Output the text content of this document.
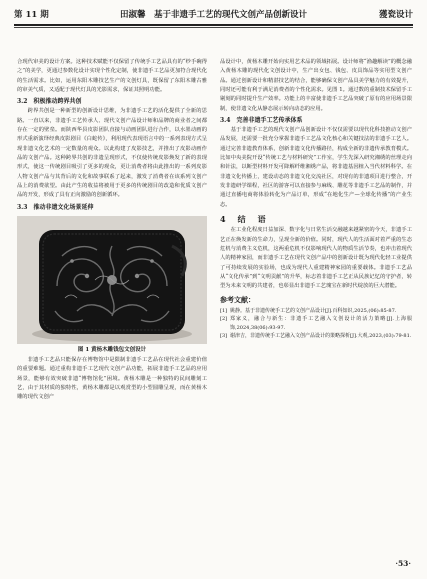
第 11 期	田淑馨　基于非遗手工艺的现代文创产品创新设计	獲瓷设计

合现代审美的设计方案。这种技术赋能不仅保留了传统手工艺品具有的“纱手碗得之”的美学，更通过参数化设计实现个性化定制，使非遗手工艺品更加符合现代化的生活需求。比如，运用东阳木雕技艺生产的文创灯具，既保留了东阳木雕古雅的审美气质，又适配于现代灯具的光影需求，保证其照明功能。

3.2　积极推动跨界共创

跨界共创是一种新型的创新设计思维，为非遗手工艺的活化提供了全新的思路。一直以来，非遗手工艺传承人、现代文创产品设计师和品牌的商业者之间都存在一定的壁垒。而陕西华县皮影团队直接与动画团队进行合作，以水墨动画的形式重新演绎经典皮影剧目《白蛇传》，利用现代表现语言中的一系列表现方式呈现非遗文化艺术的一定数量的观众。以此构建了皮影技艺，并推出了皮影动画作品的文创产品。这种跨界共创的非遗呈现形式，不仅使传统皮影焕发了新的表现形式，使这一传统剧目吸引了更多的观众，更让消费者将由此推出的一系列皮影人物文创产品与其背后的文化和故事联系了起来，激发了消费者在该系列文创产品上的消费欲望。由此产生的收益将被用于更多的传统剧目的改造和优质文创产品的开发，形成了具有正向激励的创新循环。

3.3　推动非遗文化场景延伸
图 1 黄杨木雕钱包文创设计

非遗手工艺品只能保存在博物馆中是限制非遗手工艺品在现代社会重建价值的重要难题。通过重构非遗手工艺现代文创产品功能，拓展非遗手工艺品的应用场景，能够有效突破非遗“博物馆化”困境。黄杨木雕是一种独特的民间雕刻工艺，由于其材质的独特性，黄杨木雕都是以观赏型的小型圆雕呈现，而在黄杨木雕的现代文创产

品设计中，黄杨木雕开始向实用艺术品的领域拓展。设计师将“渔趣解读”的概念融入黄杨木雕的现代化文创设计中，生产出女包、钱包、皮具饰品等实用型文创产品。通过创新设计和精湛技艺的结合，能够确保文创产品具美学魅力的有效提升，同时还可能有利于满足消费者的个性化需求。见图 1。通过数的重制技术保留手工剔刻的同时提升生产效率。功能上的丰富使非遗手工艺品突破了原有的应用场景限制，使非遗文化从静态展示转向动态的应用。

3.4　完善非遗手工艺传承体系

基于非遗手工艺的现代文创产品创新设计不仅仅需要以现代化科技推动文创产品发展，还需要一批充分掌握非遗手工艺品文化核心和关键技法的非遗手工艺人。通过完善非遗教育体系，创新非遗文化传播路径，构成全新的非遗传承教育模式。比如中央美院开设“传统工艺与材料研究”工作室，学生先深入研究湘绣的丝理走向和针法，以断型材料开发可降解纤维湘绣产品，将非遗基因植入当代材料科学。在非遗文化传播上，建设动态的非遗文化交流社区，对现有的非遗项目进行整合，开发非遗研学课程，社区的游客可以直接参与麻线、雕花等非遗手工艺品的制作，并通过直播电商将体验转化为产品订单，形成“在地化生产—全球化传播”的产业生态。

4　结　语

在工业化程度日益加深、数字化与日常生活交融越来越紧密的今天，非遗手工艺正在焕发新的生命力，呈现全新的价值。同时，现代人的生活面对着严重的生态危机与消费主义危机，这两重危机不仅影响现代人的物质生活节奏，也冲击着现代人的精神家园，而非遗手工艺在现代文创产品中的创新设计既为现代化轻工业提供了可持续发展的实验场，也成为现代人重建精神家园的重要载体。非遗手工艺品从“文化传承”到“文明贡献”的升华，标志着非遗手工艺正从民族记忆的守护者，转型为未来文明的共建者，也彰显出非遗手工艺瑰宝在新时代绽放的巨大潜能。

参考文献：
[1] 姚静。基于非遗传统手工艺的文创产品设计[J].百科知识,2025,(06):85-87.
[2] 郑家义，融合与新生：非遗手工艺融入文创设计的活力策略[J].上海服饰,2024,38(06):93-97.
[3] 谢津吉，非遗传统手工艺融入文创产品设计的策略探析[J].大观,2023,(03):79-81.
·53·
